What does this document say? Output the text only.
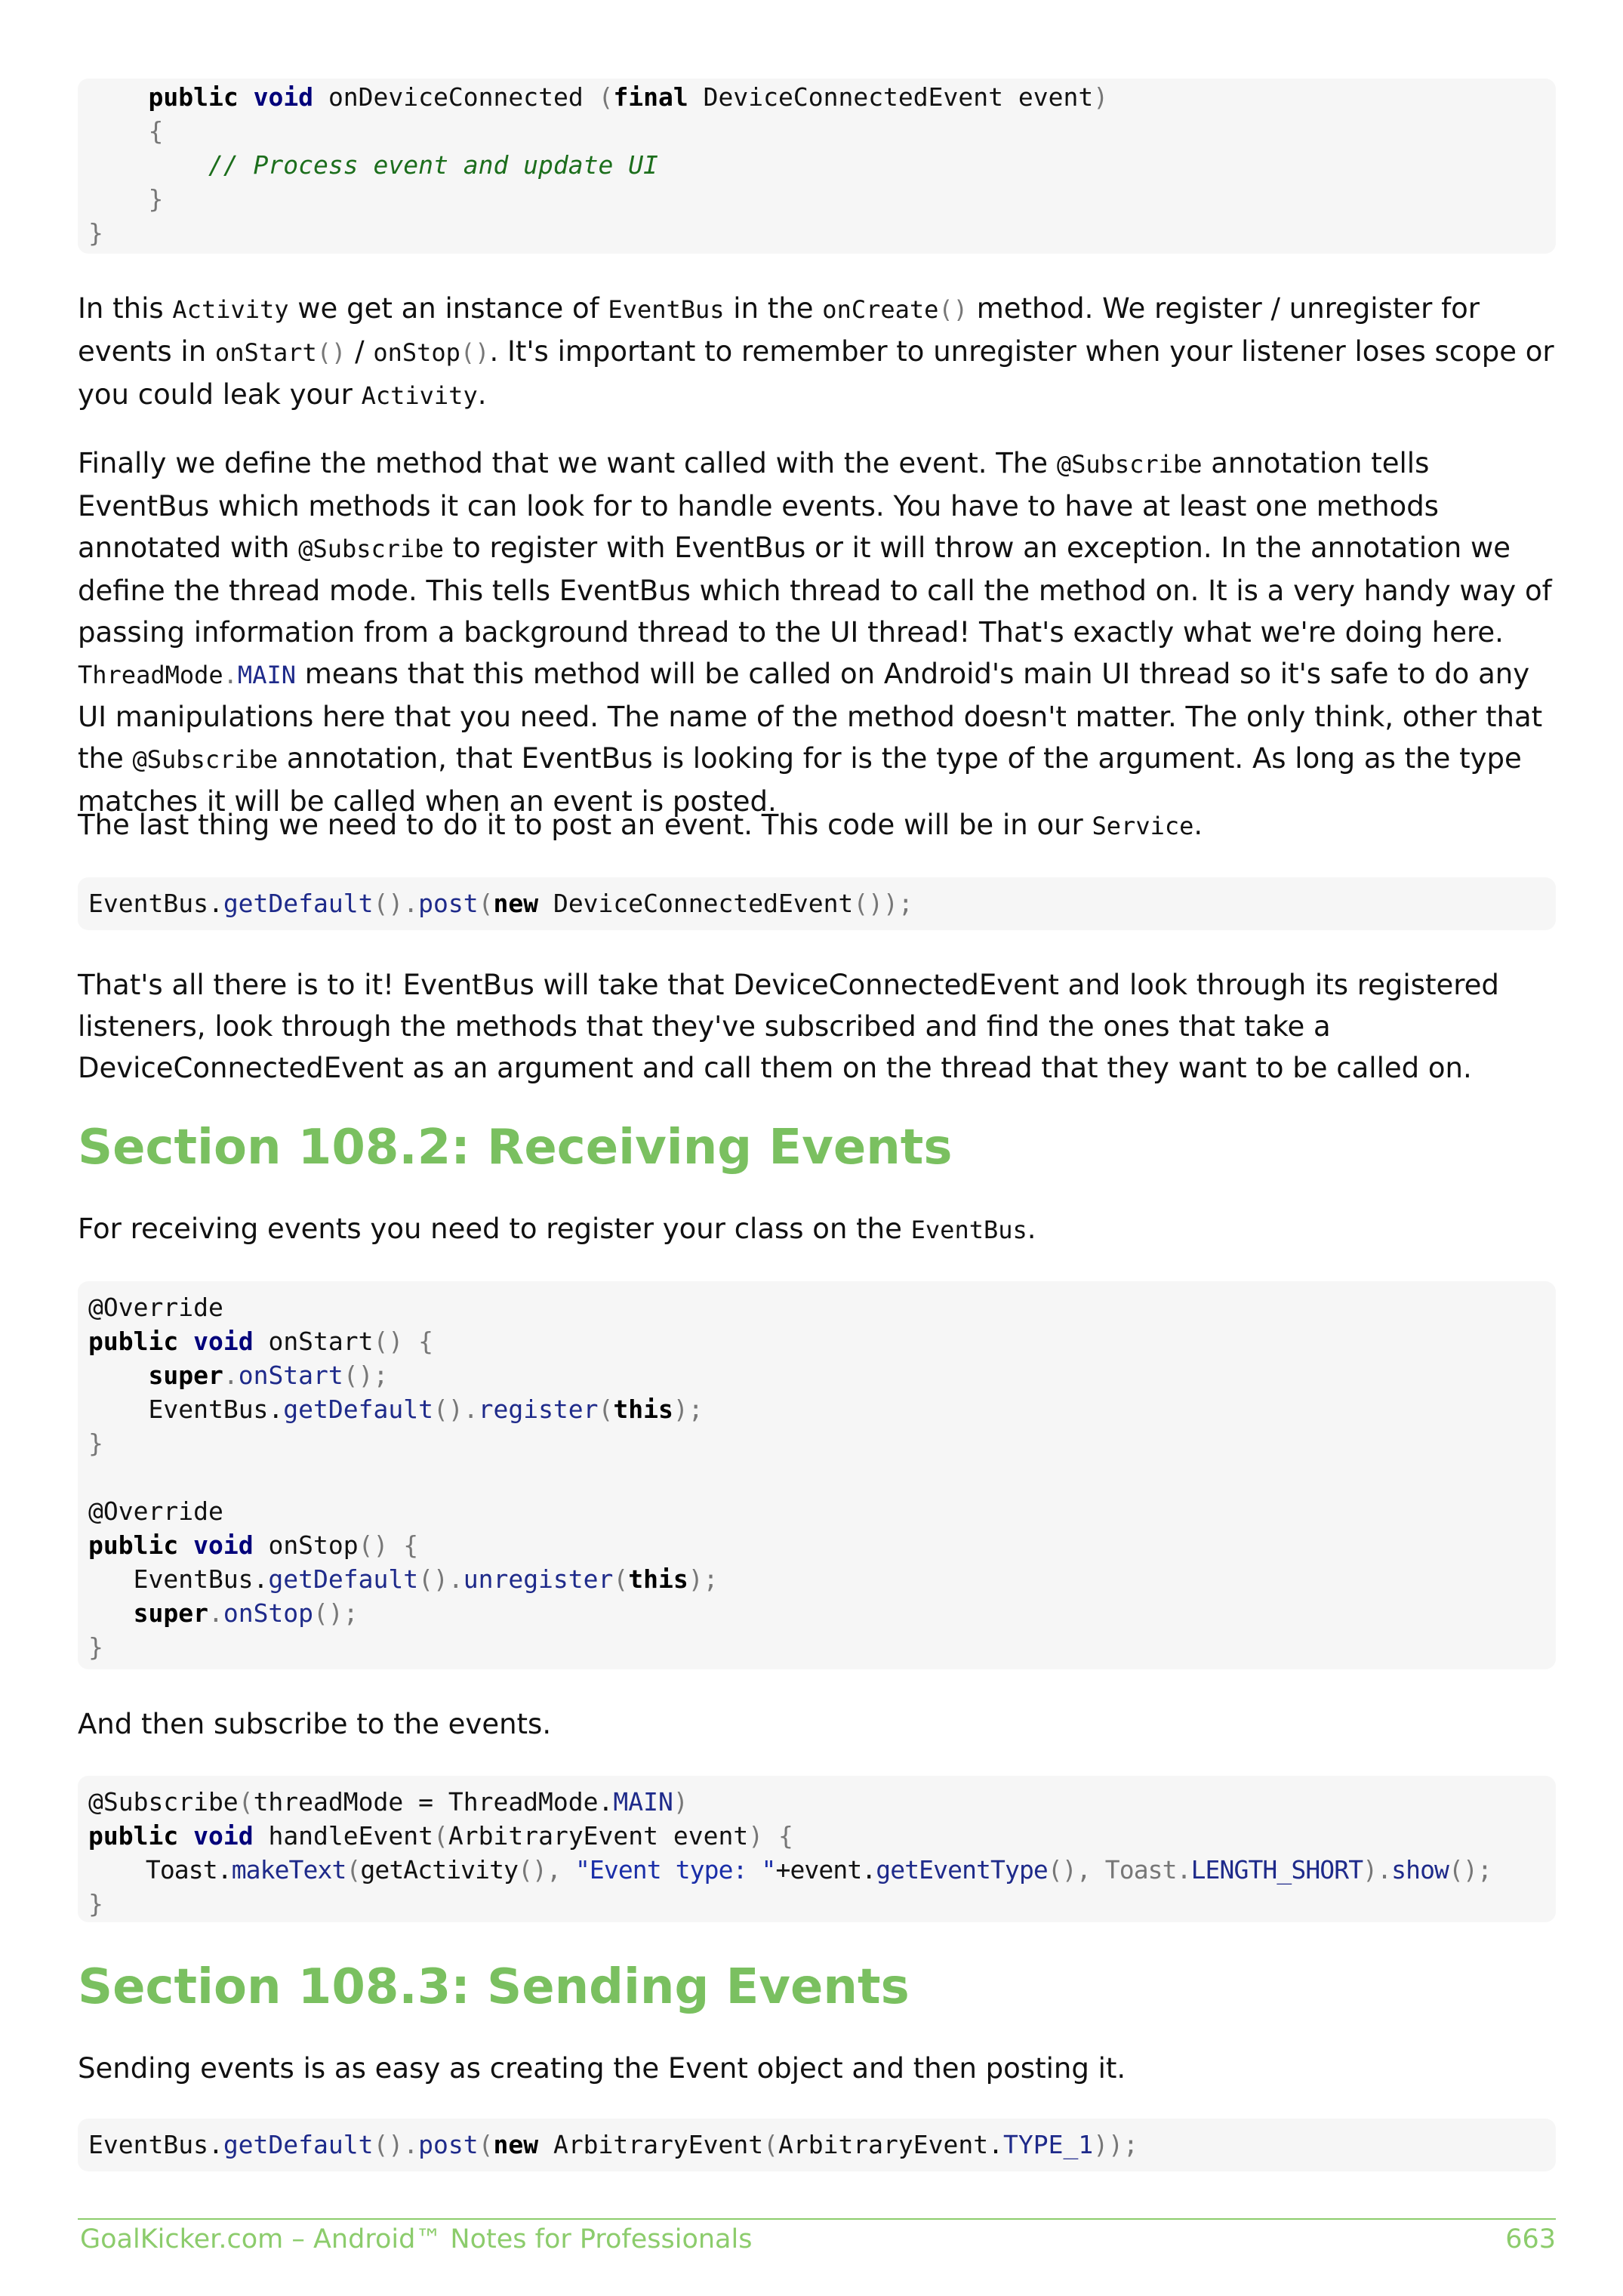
public void onDeviceConnected (final DeviceConnectedEvent event)
{
// Process event and update UI
}
}

In this Activity we get an instance of EventBus in the onCreate() method. We register / unregister for events in onStart() / onStop(). It's important to remember to unregister when your listener loses scope or you could leak your Activity.

Finally we define the method that we want called with the event. The @Subscribe annotation tells EventBus which methods it can look for to handle events. You have to have at least one methods annotated with @Subscribe to register with EventBus or it will throw an exception. In the annotation we define the thread mode. This tells EventBus which thread to call the method on. It is a very handy way of passing information from a background thread to the UI thread! That's exactly what we're doing here. ThreadMode.MAIN means that this method will be called on Android's main UI thread so it's safe to do any UI manipulations here that you need. The name of the method doesn't matter. The only think, other that the @Subscribe annotation, that EventBus is looking for is the type of the argument. As long as the type matches it will be called when an event is posted.

The last thing we need to do it to post an event. This code will be in our Service.

EventBus.getDefault().post(new DeviceConnectedEvent());

That's all there is to it! EventBus will take that DeviceConnectedEvent and look through its registered listeners, look through the methods that they've subscribed and find the ones that take a DeviceConnectedEvent as an argument and call them on the thread that they want to be called on.

Section 108.2: Receiving Events

For receiving events you need to register your class on the EventBus.

@Override
public void onStart() {
super.onStart();
EventBus.getDefault().register(this);
}

@Override
public void onStop() {
EventBus.getDefault().unregister(this);
super.onStop();
}

And then subscribe to the events.

@Subscribe(threadMode = ThreadMode.MAIN)
public void handleEvent(ArbitraryEvent event) {
Toast.makeText(getActivity(), "Event type: "+event.getEventType(), Toast.LENGTH_SHORT).show();
}
Section 108.3: Sending Events

Sending events is as easy as creating the Event object and then posting it.

EventBus.getDefault().post(new ArbitraryEvent(ArbitraryEvent.TYPE_1));
GoalKicker.com – Android™ Notes for Professionals	663
